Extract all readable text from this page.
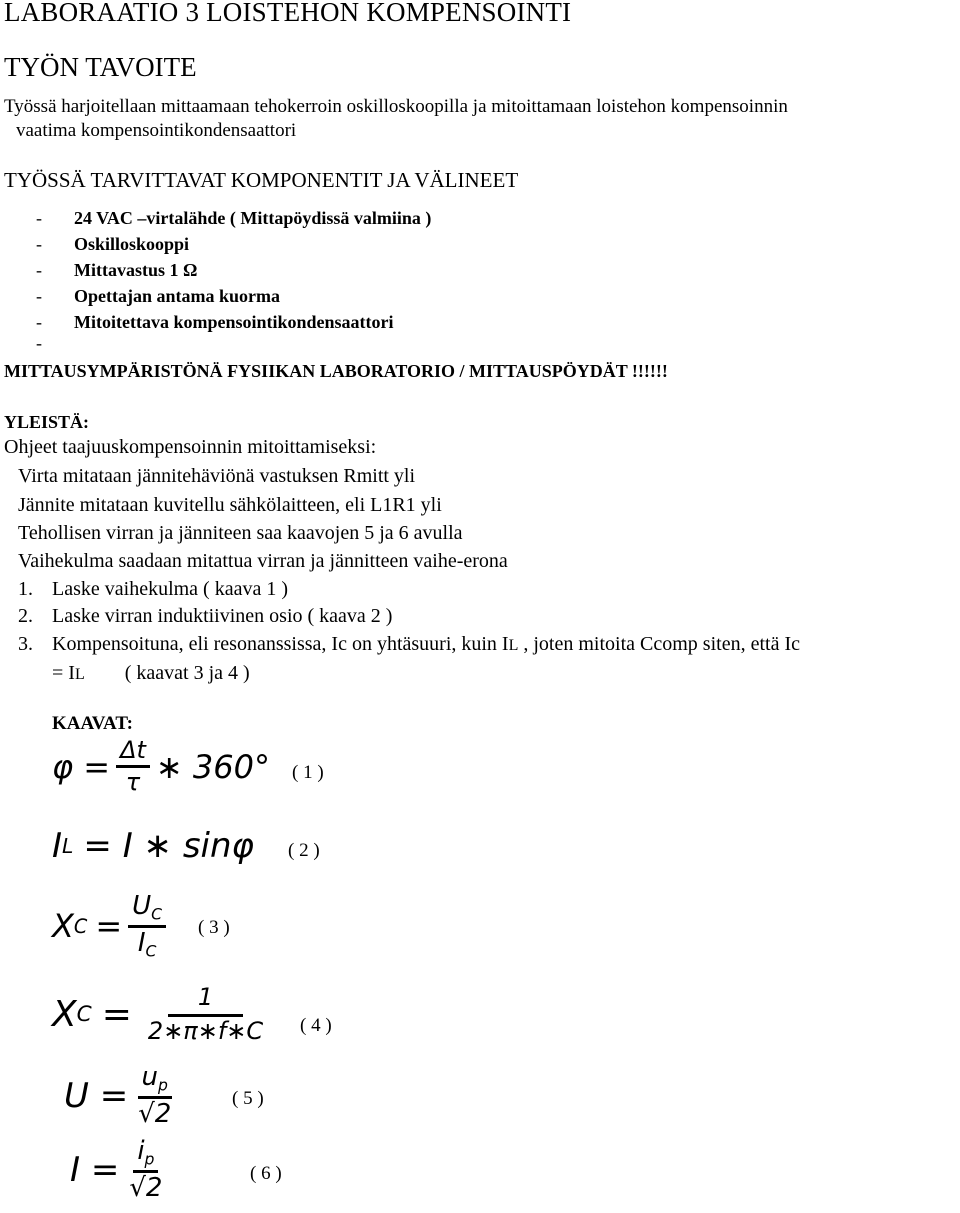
LABORAATIO 3 LOISTEHON KOMPENSOINTI
TYÖN TAVOITE
Työssä harjoitellaan mittaamaan tehokerroin oskilloskoopilla ja mitoittamaan loistehon kompensoinnin
vaatima kompensointikondensaattori
TYÖSSÄ TARVITTAVAT KOMPONENTIT JA VÄLINEET
- 24 VAC –virtalähde ( Mittapöydissä valmiina )
- Oskilloskooppi
- Mittavastus 1 Ω
- Opettajan antama kuorma
- Mitoitettava kompensointikondensaattori
-
MITTAUSYMPÄRISTÖNÄ FYSIIKAN LABORATORIO / MITTAUSPÖYDÄT !!!!!!
YLEISTÄ:
Ohjeet taajuuskompensoinnin mitoittamiseksi:
Virta mitataan jännitehäviönä vastuksen Rmitt yli
Jännite mitataan kuvitellu sähkölaitteen, eli L1R1 yli
Tehollisen virran ja jänniteen saa kaavojen 5 ja 6 avulla
Vaihekulma saadaan mitattua virran ja jännitteen vaihe-erona
1. Laske vaihekulma ( kaava 1 )
2. Laske virran induktiivinen osio ( kaava 2 )
3. Kompensoituna, eli resonanssissa, Ic on yhtäsuuri, kuin IL , joten mitoita Ccomp siten, että Ic
= IL ( kaavat 3 ja 4 )
KAAVAT:
$\varphi = \frac{\Delta t}{\tau}$ ∗ 360° ( 1 )
I L = I ∗ sinφ ( 2 )
X $C = \frac{U_C}{I_C}$ ( 3 )
X $C = \frac{1}{2∗\pi∗f∗C}$ ( 4 )
$U = \frac{u_p}{√2}$	( 5 )
$I = \frac{i_p}{√2}$	( 6 )
